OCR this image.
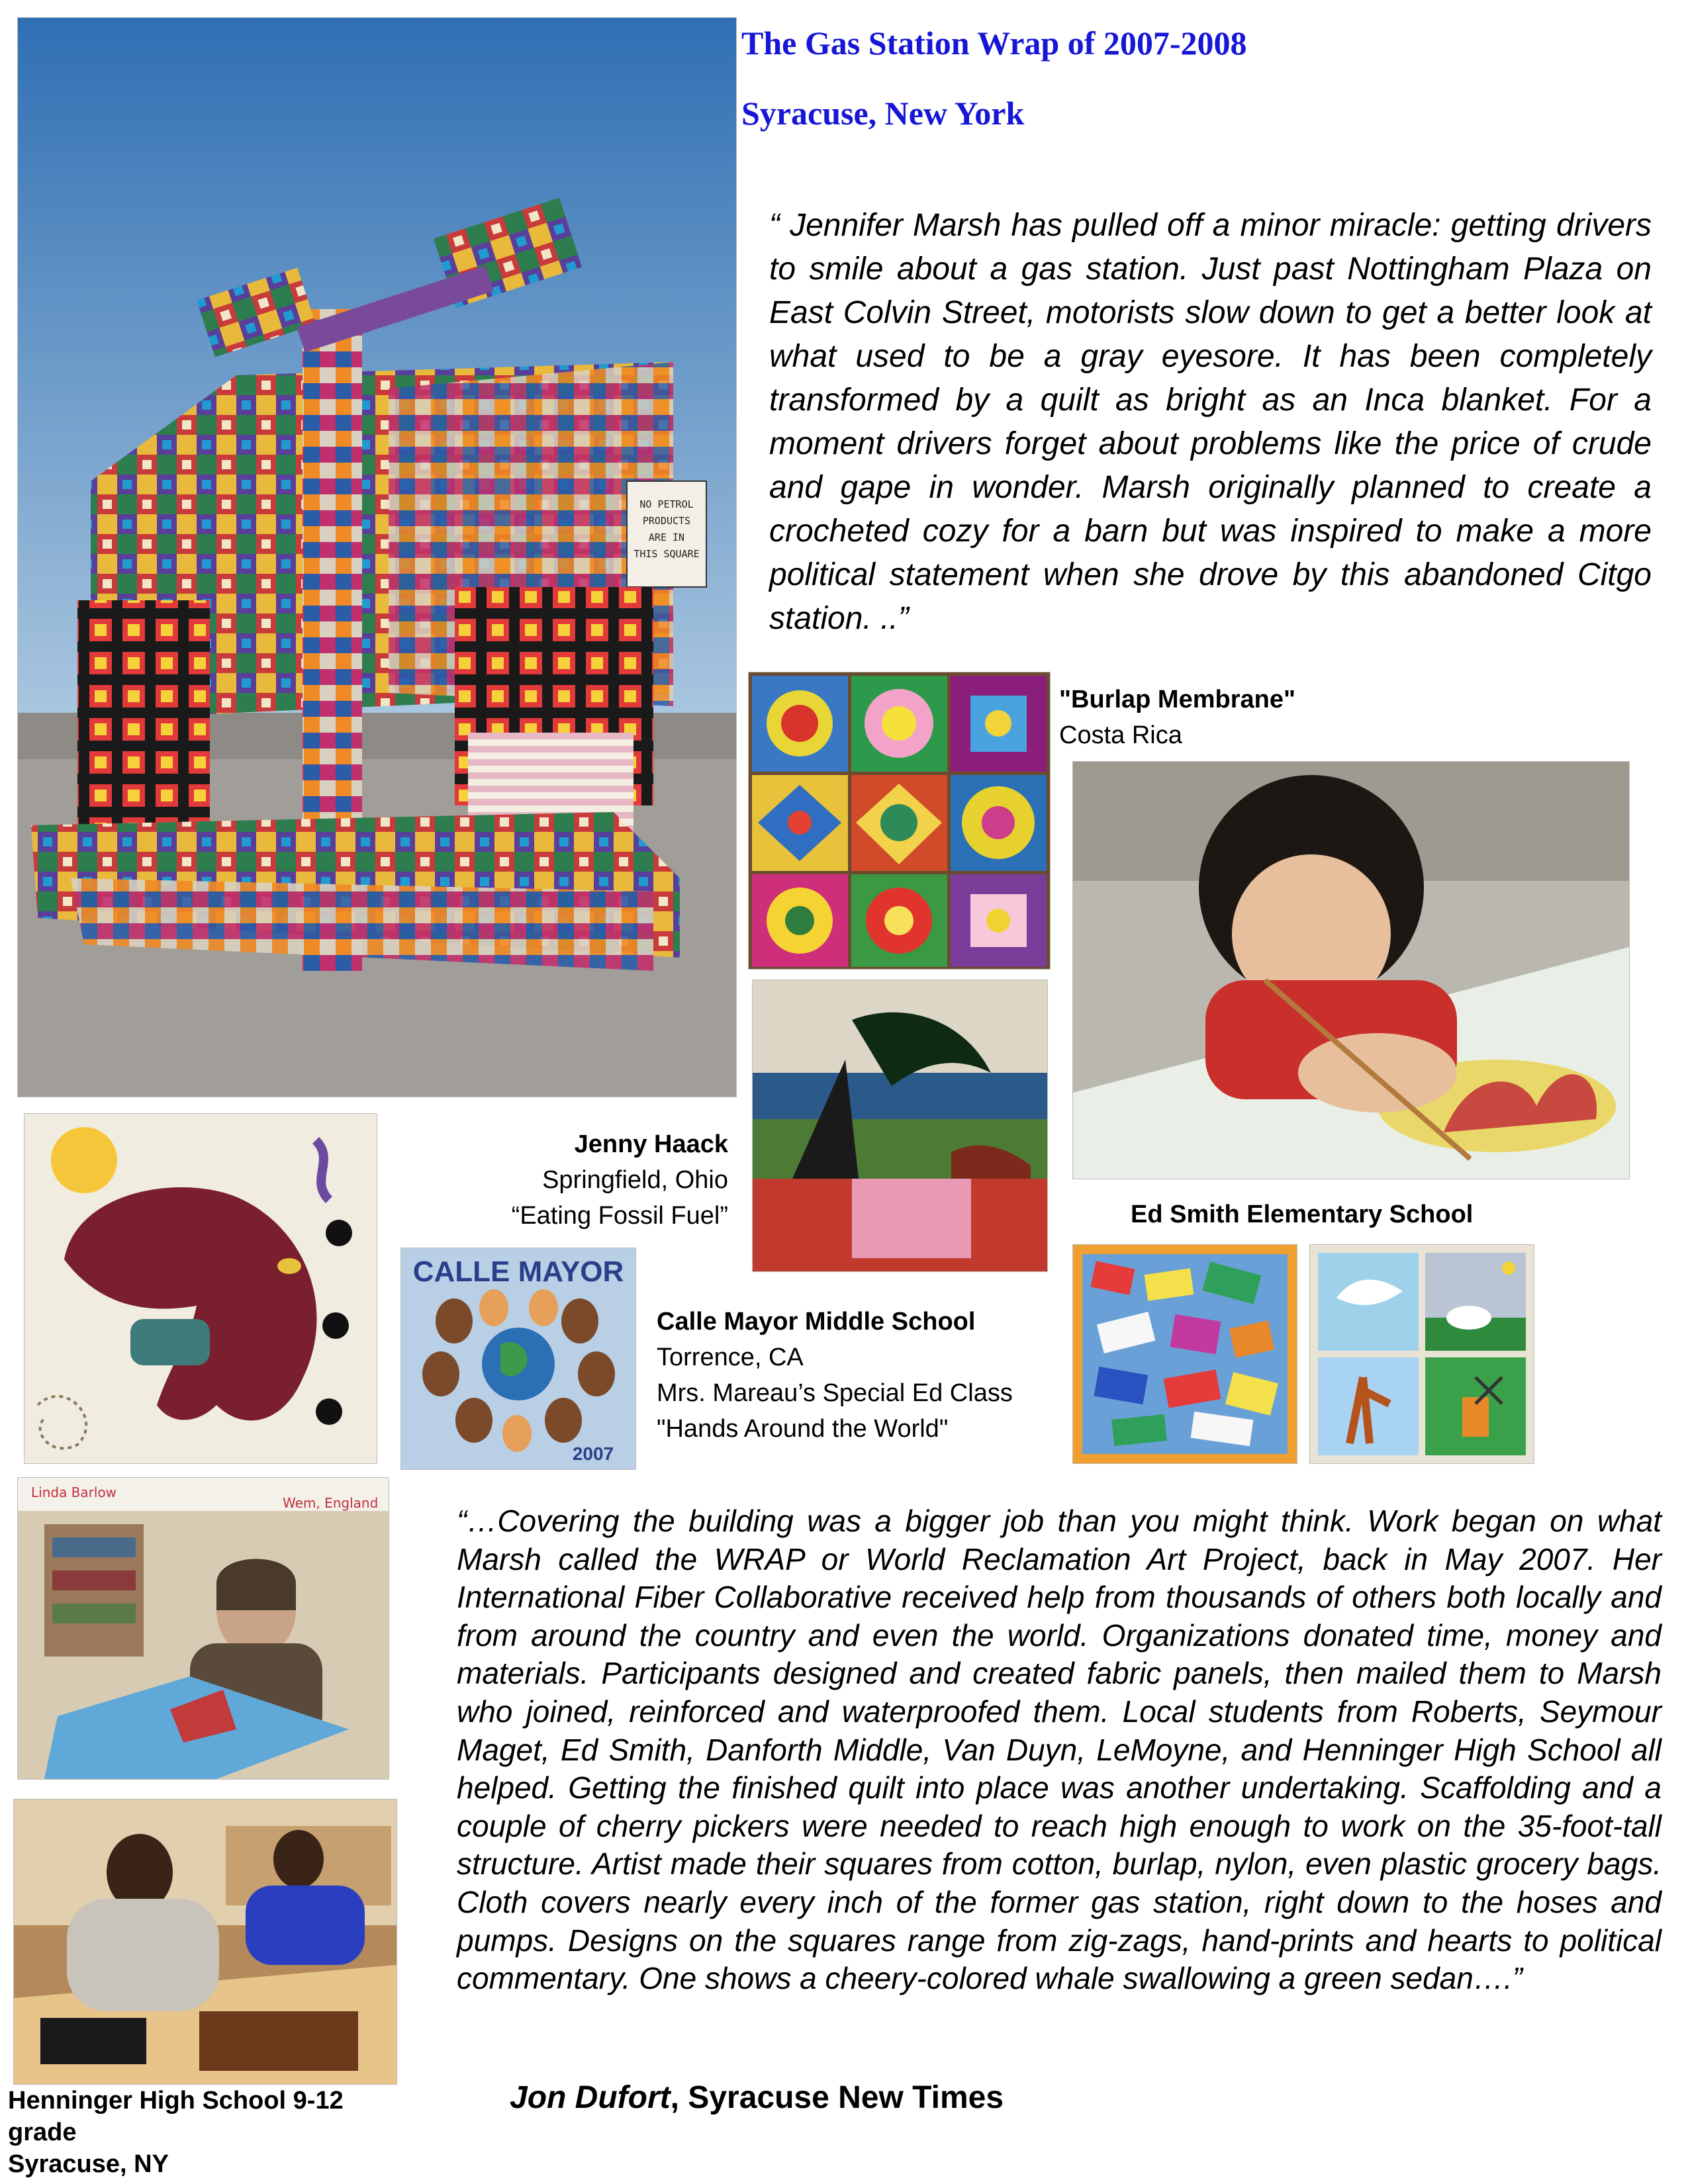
The Gas Station Wrap of 2007-2008
Syracuse, New York
NO PETROL
PRODUCTS
ARE IN
THIS SQUARE
“ Jennifer Marsh has pulled off a minor miracle: getting drivers to smile about a gas station. Just past Nottingham Plaza on East Colvin Street, motorists slow down to get a better look at what used to be a gray eyesore. It has been completely transformed by a quilt as bright as an Inca blanket. For a moment drivers forget about problems like the price of crude and gape in wonder. Marsh originally planned to create a crocheted cozy for a barn but was inspired to make a more political statement when she drove by this abandoned Citgo station. ..”
"Burlap Membrane"
Costa Rica
Jenny Haack
Springfield, Ohio
“Eating Fossil Fuel”	Ed Smith Elementary School
CALLE MAYOR
2007
Calle Mayor Middle School
Torrence, CA
Mrs. Mareau’s Special Ed Class
"Hands Around the World"
Linda Barlow
Wem, England
Henninger High School 9-12
grade
Syracuse, NY
“…Covering the building was a bigger job than you might think. Work began on what Marsh called the WRAP or World Reclamation Art Project, back in May 2007. Her International Fiber Collaborative received help from thousands of others both locally and from around the country and even the world. Organizations donated time, money and materials. Participants designed and created fabric panels, then mailed them to Marsh who joined, reinforced and waterproofed them. Local students from Roberts, Seymour Maget, Ed Smith, Danforth Middle, Van Duyn, LeMoyne, and Henninger High School all helped. Getting the finished quilt into place was another undertaking. Scaffolding and a couple of cherry pickers were needed to reach high enough to work on the 35-foot-tall structure. Artist made their squares from cotton, burlap, nylon, even plastic grocery bags. Cloth covers nearly every inch of the former gas station, right down to the hoses and pumps. Designs on the squares range from zig-zags, hand-prints and hearts to political commentary. One shows a cheery-colored whale swallowing a green sedan….”
Jon Dufort, Syracuse New Times
